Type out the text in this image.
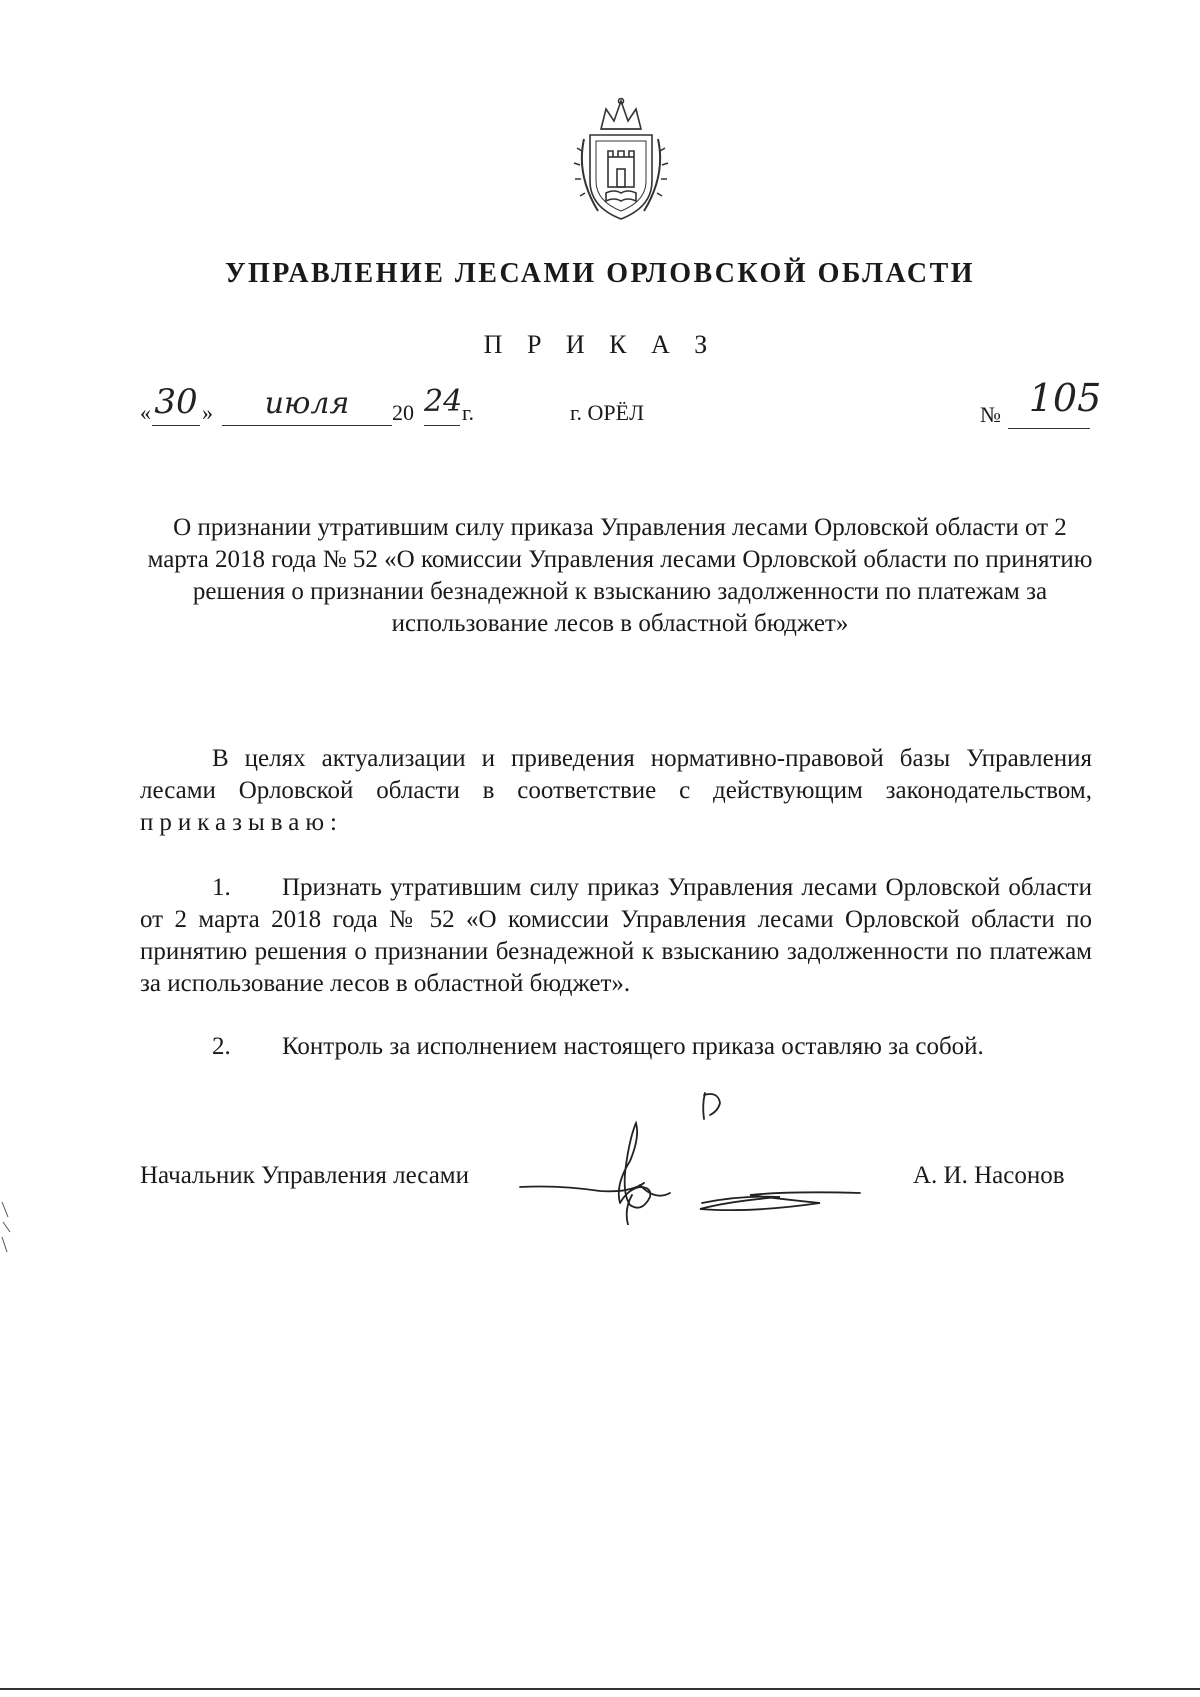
УПРАВЛЕНИЕ ЛЕСАМИ ОРЛОВСКОЙ ОБЛАСТИ
П Р И К А З
« 30 »	июля	20 24 г.	г. ОРЁЛ	№ 105
О признании утратившим силу приказа Управления лесами Орловской области от 2 марта 2018 года № 52 «О комиссии Управления лесами Орловской области по принятию решения о признании безнадежной к взысканию задолженности по платежам за использование лесов в областной бюджет»
В целях актуализации и приведения нормативно-правовой базы Управления лесами Орловской области в соответствие с действующим законодательством, приказываю:
1. Признать утратившим силу приказ Управления лесами Орловской области от 2 марта 2018 года № 52 «О комиссии Управления лесами Орловской области по принятию решения о признании безнадежной к взысканию задолженности по платежам за использование лесов в областной бюджет».
2. Контроль за исполнением настоящего приказа оставляю за собой.
Начальник Управления лесами	А. И. Насонов
